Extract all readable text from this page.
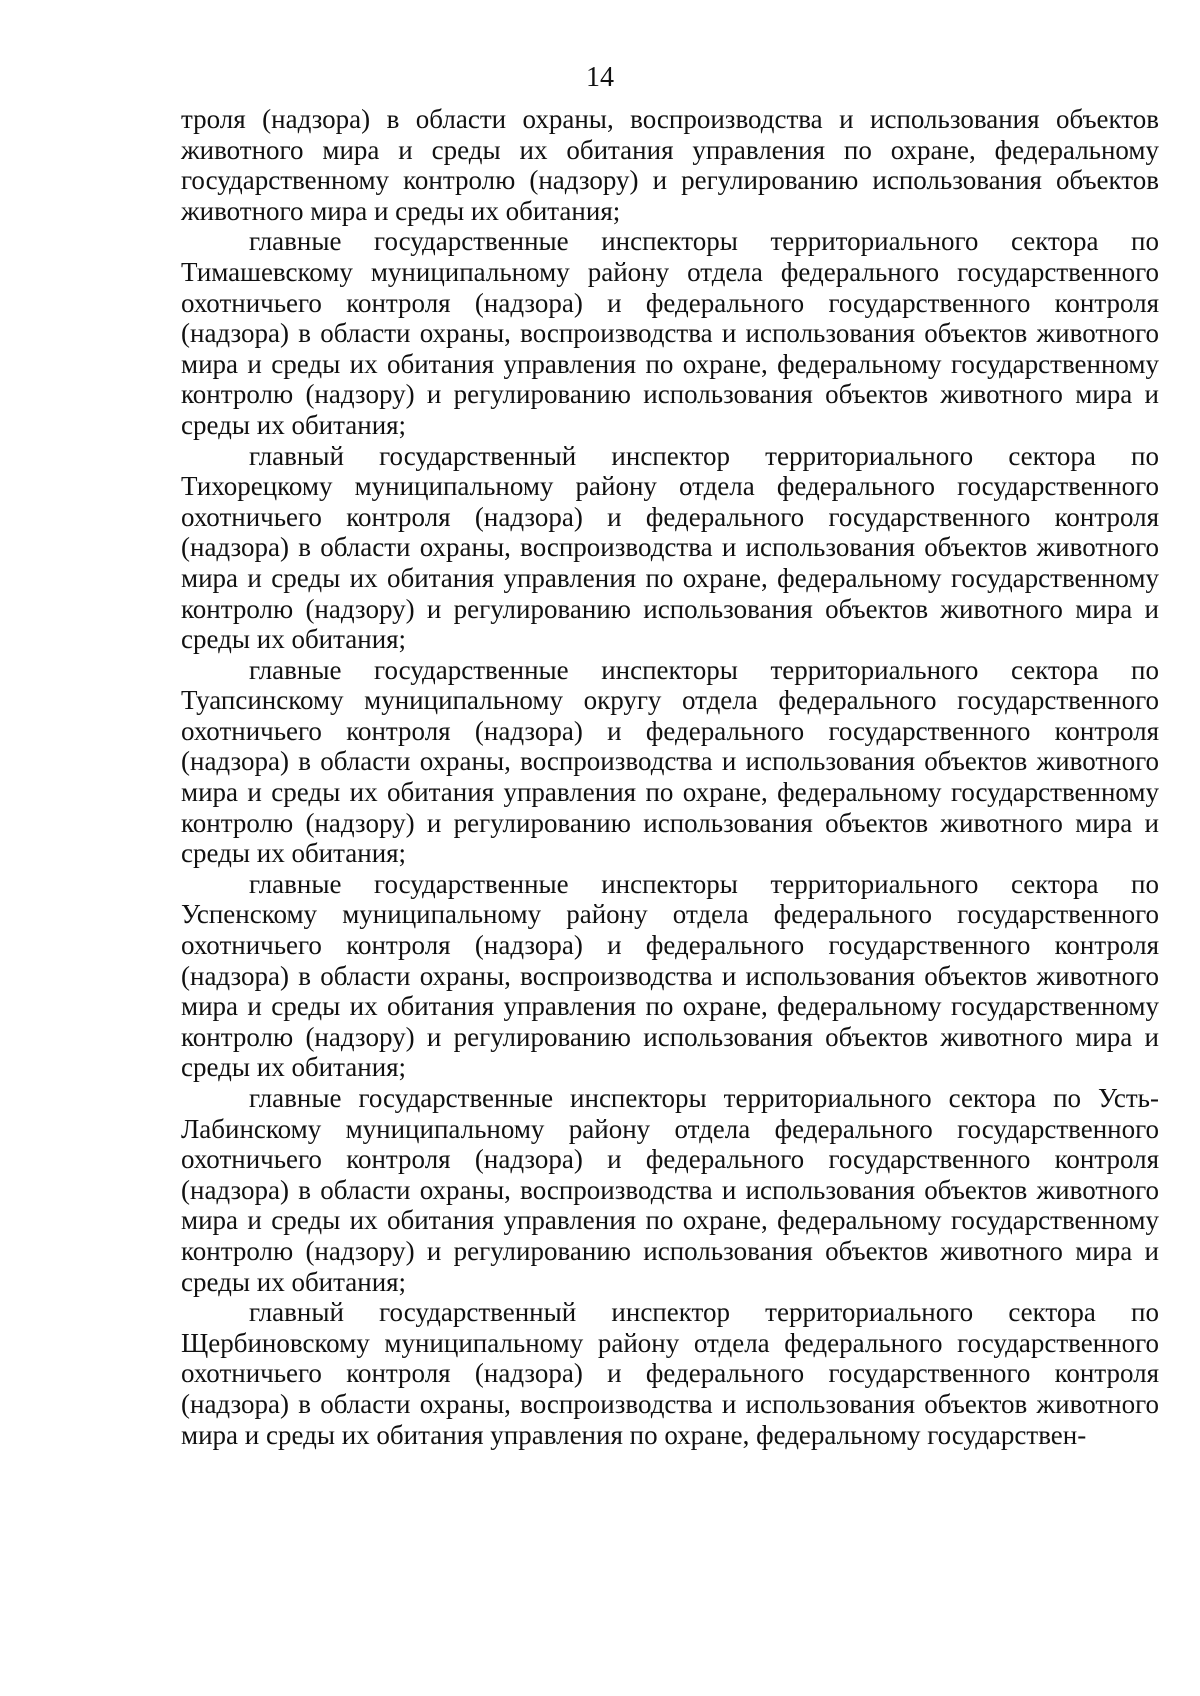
14

троля (надзора) в области охраны, воспроизводства и использования объектов животного мира и среды их обитания управления по охране, федеральному государственному контролю (надзору) и регулированию использования объектов животного мира и среды их обитания;

главные государственные инспекторы территориального сектора по Тимашевскому муниципальному району отдела федерального государственного охотничьего контроля (надзора) и федерального государственного контроля (надзора) в области охраны, воспроизводства и использования объектов животного мира и среды их обитания управления по охране, федеральному государственному контролю (надзору) и регулированию использования объектов животного мира и среды их обитания;

главный государственный инспектор территориального сектора по Тихорецкому муниципальному району отдела федерального государственного охотничьего контроля (надзора) и федерального государственного контроля (надзора) в области охраны, воспроизводства и использования объектов животного мира и среды их обитания управления по охране, федеральному государственному контролю (надзору) и регулированию использования объектов животного мира и среды их обитания;

главные государственные инспекторы территориального сектора по Туапсинскому муниципальному округу отдела федерального государственного охотничьего контроля (надзора) и федерального государственного контроля (надзора) в области охраны, воспроизводства и использования объектов животного мира и среды их обитания управления по охране, федеральному государственному контролю (надзору) и регулированию использования объектов животного мира и среды их обитания;

главные государственные инспекторы территориального сектора по Успенскому муниципальному району отдела федерального государственного охотничьего контроля (надзора) и федерального государственного контроля (надзора) в области охраны, воспроизводства и использования объектов животного мира и среды их обитания управления по охране, федеральному государственному контролю (надзору) и регулированию использования объектов животного мира и среды их обитания;

главные государственные инспекторы территориального сектора по Усть-Лабинскому муниципальному району отдела федерального государственного охотничьего контроля (надзора) и федерального государственного контроля (надзора) в области охраны, воспроизводства и использования объектов животного мира и среды их обитания управления по охране, федеральному государственному контролю (надзору) и регулированию использования объектов животного мира и среды их обитания;

главный государственный инспектор территориального сектора по Щербиновскому муниципальному району отдела федерального государственного охотничьего контроля (надзора) и федерального государственного контроля (надзора) в области охраны, воспроизводства и использования объектов животного мира и среды их обитания управления по охране, федеральному государствен-
